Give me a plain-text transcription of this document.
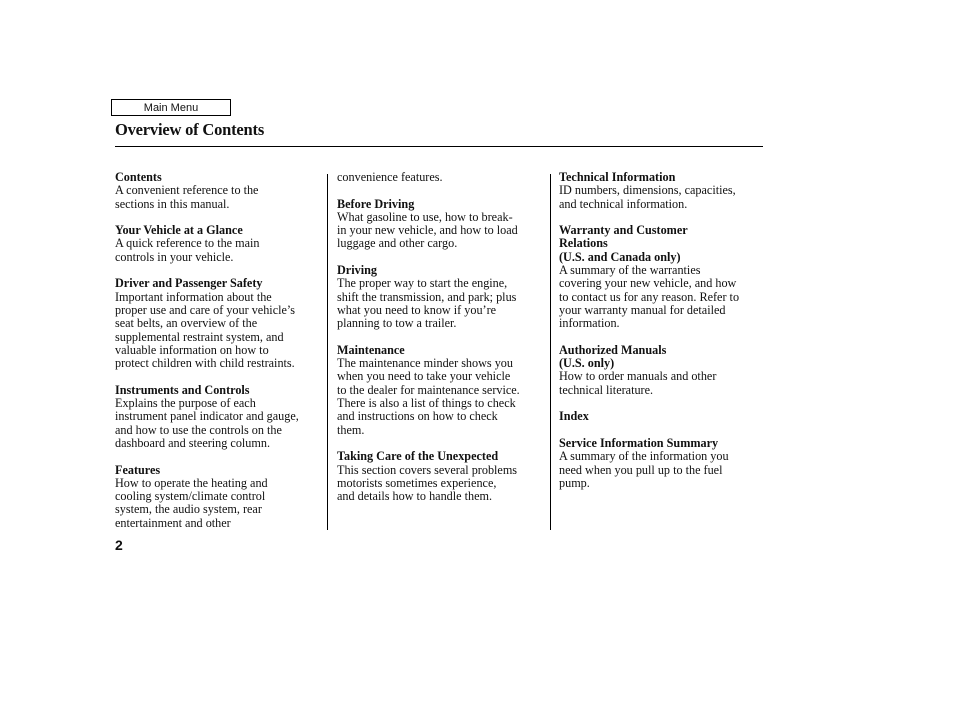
Main Menu
Overview of Contents
Contents
A convenient reference to the
sections in this manual.
Your Vehicle at a Glance
A quick reference to the main
controls in your vehicle.
Driver and Passenger Safety
Important information about the
proper use and care of your vehicle’s
seat belts, an overview of the
supplemental restraint system, and
valuable information on how to
protect children with child restraints.
Instruments and Controls
Explains the purpose of each
instrument panel indicator and gauge,
and how to use the controls on the
dashboard and steering column.
Features
How to operate the heating and
cooling system/climate control
system, the audio system, rear
entertainment and other
convenience features.
Before Driving
What gasoline to use, how to break-
in your new vehicle, and how to load
luggage and other cargo.
Driving
The proper way to start the engine,
shift the transmission, and park; plus
what you need to know if you’re
planning to tow a trailer.
Maintenance
The maintenance minder shows you
when you need to take your vehicle
to the dealer for maintenance service.
There is also a list of things to check
and instructions on how to check
them.
Taking Care of the Unexpected
This section covers several problems
motorists sometimes experience,
and details how to handle them.
Technical Information
ID numbers, dimensions, capacities,
and technical information.
Warranty and Customer
Relations
(U.S. and Canada only)
A summary of the warranties
covering your new vehicle, and how
to contact us for any reason. Refer to
your warranty manual for detailed
information.
Authorized Manuals
(U.S. only)
How to order manuals and other
technical literature.
Index
Service Information Summary
A summary of the information you
need when you pull up to the fuel
pump.
2
